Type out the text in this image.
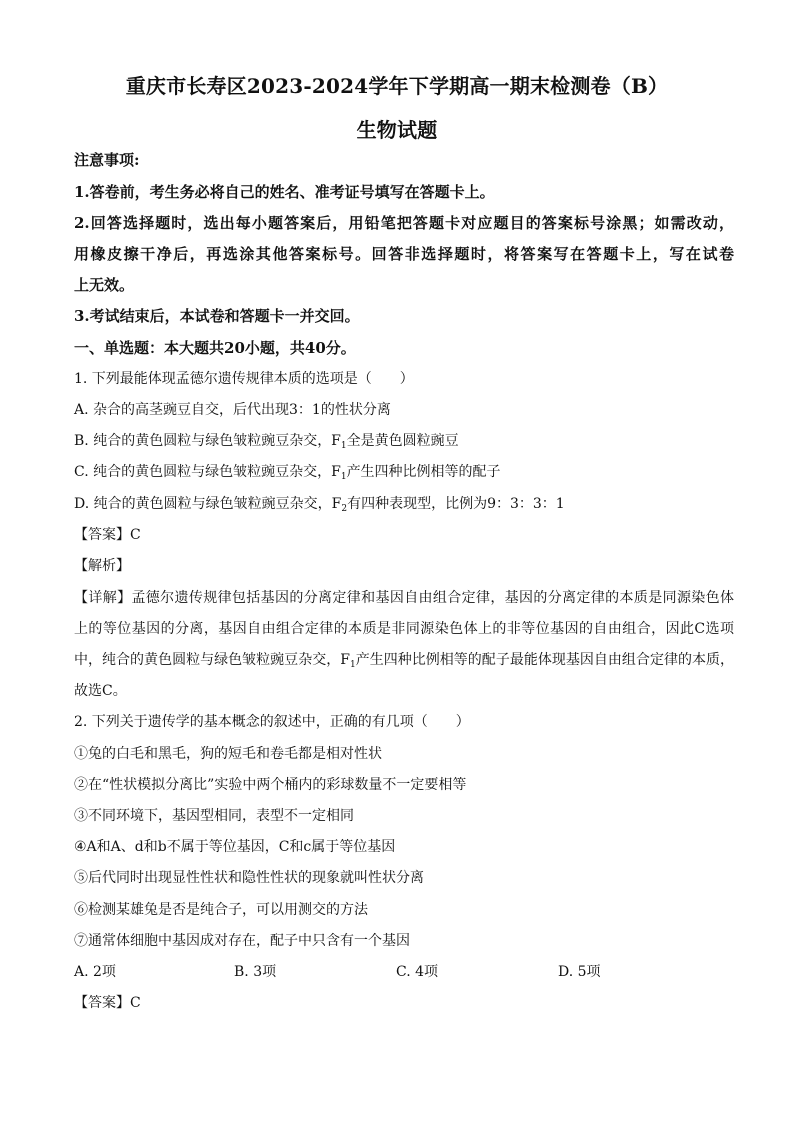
重庆市长寿区2023-2024学年下学期高一期末检测卷（B）
生物试题
注意事项:
1.答卷前，考生务必将自己的姓名、准考证号填写在答题卡上。
2.回答选择题时，选出每小题答案后，用铅笔把答题卡对应题目的答案标号涂黑；如需改动，
用橡皮擦干净后，再选涂其他答案标号。回答非选择题时，将答案写在答题卡上，写在试卷
上无效。
3.考试结束后，本试卷和答题卡一并交回。
一、单选题：本大题共20小题，共40分。
1. 下列最能体现孟德尔遗传规律本质的选项是（　　）
A. 杂合的高茎豌豆自交，后代出现3：1的性状分离
B. 纯合的黄色圆粒与绿色皱粒豌豆杂交，$F_1$全是黄色圆粒豌豆
C. 纯合的黄色圆粒与绿色皱粒豌豆杂交，$F_1$产生四种比例相等的配子
D. 纯合的黄色圆粒与绿色皱粒豌豆杂交，$F_2$有四种表现型，比例为9：3：3：1
【答案】C
【解析】
【详解】孟德尔遗传规律包括基因的分离定律和基因自由组合定律，基因的分离定律的本质是同源染色体
上的等位基因的分离，基因自由组合定律的本质是非同源染色体上的非等位基因的自由组合，因此C选项
中，纯合的黄色圆粒与绿色皱粒豌豆杂交，$F_1$产生四种比例相等的配子最能体现基因自由组合定律的本质，
故选C。
2. 下列关于遗传学的基本概念的叙述中，正确的有几项（　　）
①兔的白毛和黑毛，狗的短毛和卷毛都是相对性状
②在“性状模拟分离比”实验中两个桶内的彩球数量不一定要相等
③不同环境下，基因型相同，表型不一定相同
④A和A、d和b不属于等位基因，C和c属于等位基因
⑤后代同时出现显性性状和隐性性状的现象就叫性状分离
⑥检测某雄兔是否是纯合子，可以用测交的方法
⑦通常体细胞中基因成对存在，配子中只含有一个基因
A. 2项	B. 3项	C. 4项	D. 5项
【答案】C
